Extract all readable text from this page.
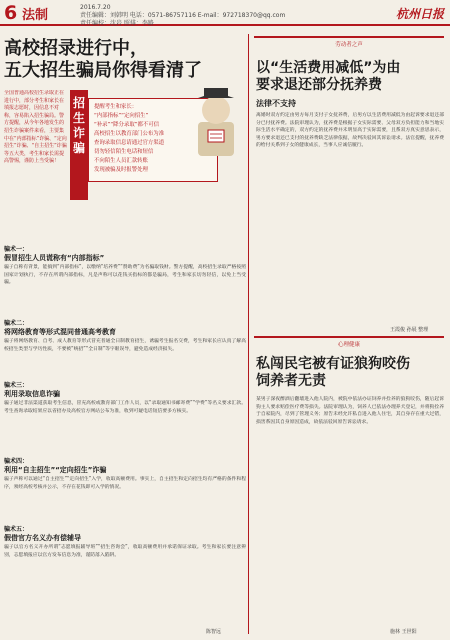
6 法制
2016.7.20
责任编辑：刘韩明 电话：0571-86757116 E-mail：972718370@qq.com
责任编校：沈岩 照排：李路
杭州日报
高校招录进行中，
五大招生骗局你得看清了
全国普通高校招生录取正在进行中，部分考生和家长在填报志愿时，因信息不对称，容易陷入招生骗局。警方提醒，从今年各地发生的招生诈骗案件来看，主要集中在“内部指标”诈骗、“定向招生”诈骗、“自主招生”诈骗等五大类，考生和家长需提高警惕，谨防上当受骗！
招生诈骗
提醒考生和家长：
“内部指标”“定向招生”
“补录”“降分录取”都不可信
高校招生以教育部门公布为准
查询录取信息请通过官方渠道
切勿轻信陌生电话和短信
不向陌生人员汇款转账
发现被骗及时报警处理
骗术一：
假冒招生人员谎称有“内部指标”
骗子自称有背景，能搞到“内部指标”，以缴纳“培养费”“赞助费”为名骗取钱财。警方提醒，高校招生录取严格按照国家计划执行，不存在所谓内部指标，凡是声称可以花钱买指标的都是骗局，考生和家长切勿轻信，以免上当受骗。
骗术二：
将网络教育等形式混同普通高考教育
骗子将网络教育、自考、成人教育等形式冒充普通全日制教育招生，诱骗考生报名交费，考生和家长应认真了解高校招生类型与学历性质，不要被“统招”“全日制”等字眼误导，避免造成经济损失。
骗术三：
利用录取信息诈骗
骗子通过非法渠道获取考生信息，冒充高校或教育部门工作人员，以“录取通知书邮寄费”“学费”等名义要求汇款。考生查询录取结果应以省招办及高校官方网站公布为准，收到可疑电话短信要多方核实。
骗术四：
利用“自主招生”“定向招生”诈骗
骗子声称可以通过“自主招生”“定向招生”入学，收取高额费用。事实上，自主招生和定向招生均有严格的条件和程序，须经高校考核并公示，不存在花钱即可入学的情况。
骗术五：
假借官方名义办有偿辅导
骗子以官方名义开办所谓“志愿填报辅导班”“招生咨询会”，收取高额费用并承诺保证录取。考生和家长要注意辨别，志愿填报应以官方发布信息为准，谨防落入陷阱。
陈智远
劳动者之声
以“生活费用减低”为由
要求退还部分抚养费
法律不支持
离婚时双方约定由男方每月支付子女抚养费，后男方以生活费用减低为由起诉要求退还部分已付抚养费。法院审理认为，抚养费是根据子女实际需要、父母双方负担能力和当地实际生活水平确定的，双方约定的抚养费并未明显高于实际需要，且系双方真实意思表示，男方要求退还已支付的抚养费缺乏法律依据，故判决驳回其诉讼请求。法官提醒，抚养费的给付关系到子女的健康成长，当事人应诚信履行。
王霞俊 孙展 整理
心理健康
私闯民宅被有证狼狗咬伤
饲养者无责
某男子深夜醉酒后翻墙进入他人院内，被院中依法办证饲养并拴养的狼狗咬伤，随后起诉狗主人要求赔偿医疗费等损失。法院审理认为，饲养人已依法办理养犬登记，并将狗拴养于自家院内，尽到了管理义务；原告未经允许私自进入他人住宅，其自身存在重大过错，损害系因其自身原因造成，故依法驳回原告诉讼请求。
施林 王世阳
